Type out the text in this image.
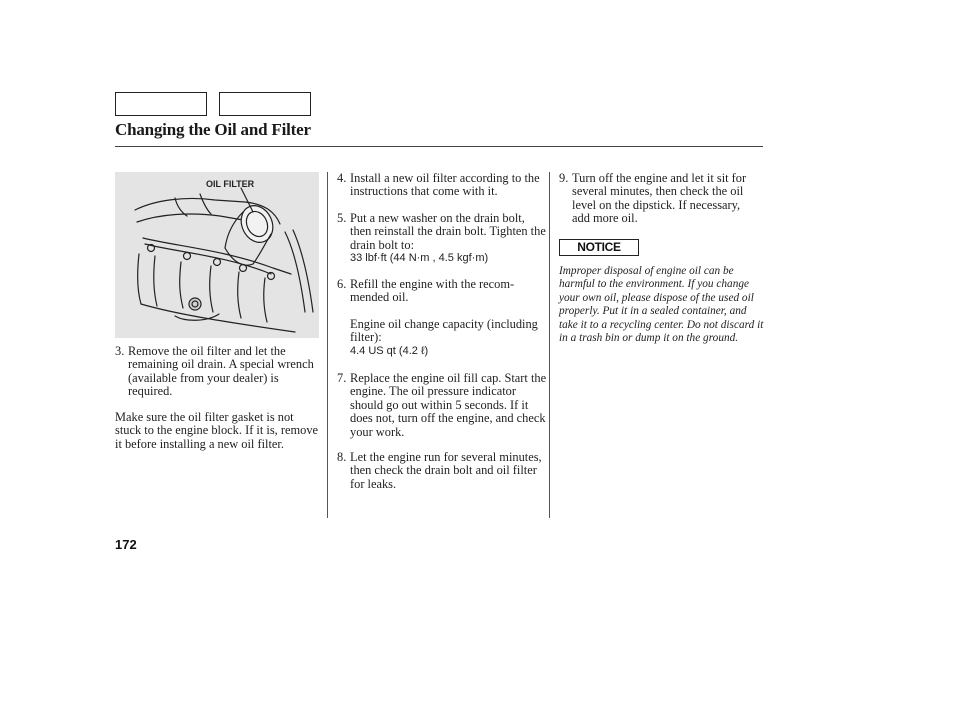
Changing the Oil and Filter
OIL FILTER
3. Remove the oil filter and let the remaining oil drain. A special wrench (available from your dealer) is required.
Make sure the oil filter gasket is not stuck to the engine block. If it is, remove it before installing a new oil filter.
4. Install a new oil filter according to the instructions that come with it.
5. Put a new washer on the drain bolt, then reinstall the drain bolt. Tighten the drain bolt to:
33 lbf·ft (44 N·m , 4.5 kgf·m)
6. Refill the engine with the recom-mended oil.
Engine oil change capacity (including filter):
4.4 US qt (4.2 ℓ)
7. Replace the engine oil fill cap. Start the engine. The oil pressure indicator should go out within 5 seconds. If it does not, turn off the engine, and check your work.
8. Let the engine run for several minutes, then check the drain bolt and oil filter for leaks.
9. Turn off the engine and let it sit for several minutes, then check the oil level on the dipstick. If necessary, add more oil.
NOTICE
Improper disposal of engine oil can be harmful to the environment. If you change your own oil, please dispose of the used oil properly. Put it in a sealed container, and take it to a recycling center. Do not discard it in a trash bin or dump it on the ground.
172
